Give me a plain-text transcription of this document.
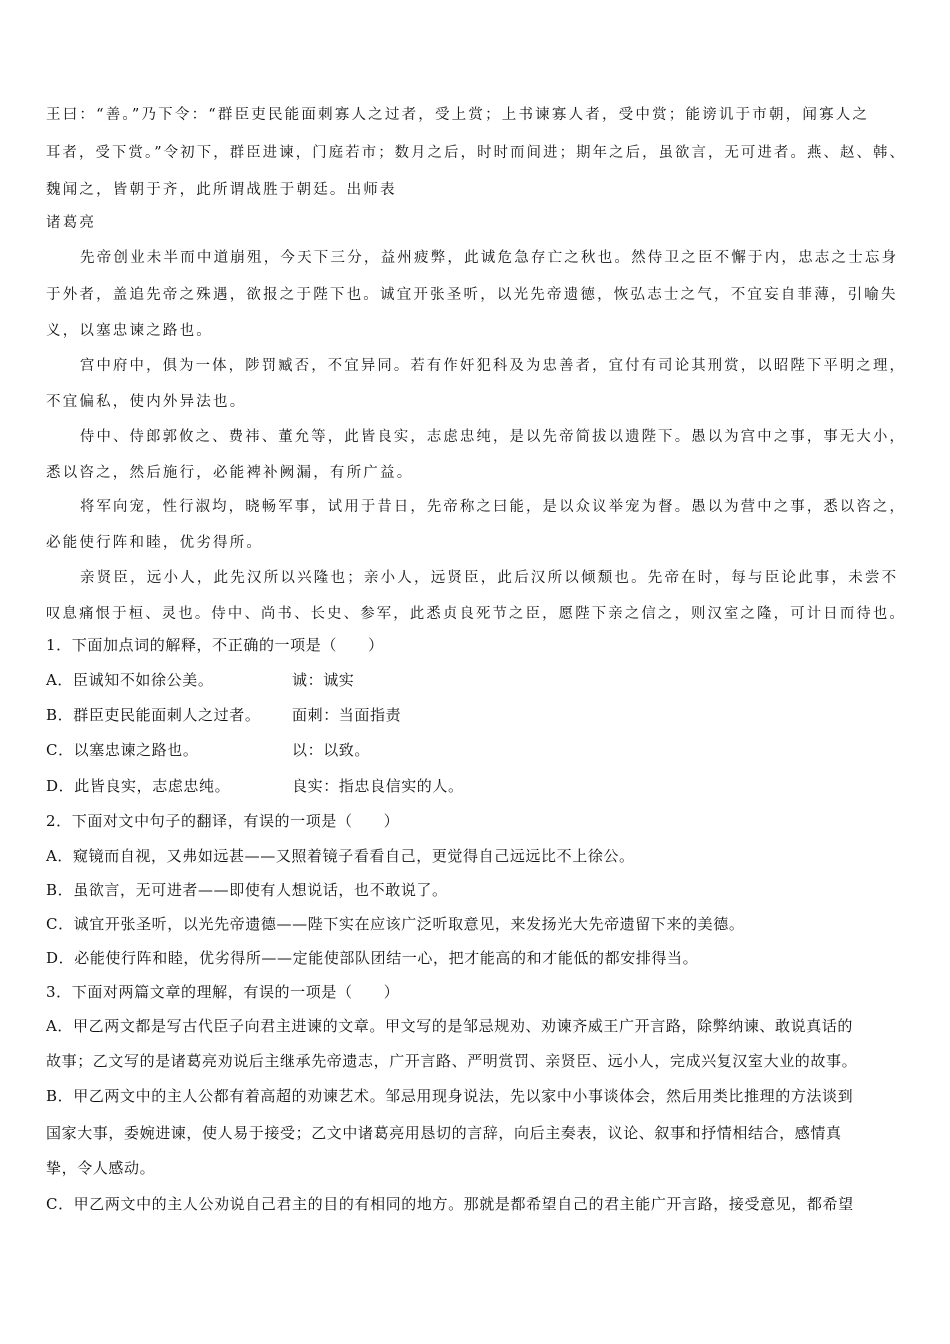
王曰：“善。”乃下令：“群臣吏民能面刺寡人之过者，受上赏；上书谏寡人者，受中赏；能谤讥于市朝，闻寡人之

耳者，受下赏。”令初下，群臣进谏，门庭若市；数月之后，时时而间进；期年之后，虽欲言，无可进者。燕、赵、韩、

魏闻之，皆朝于齐，此所谓战胜于朝廷。出师表

诸葛亮

先帝创业未半而中道崩殂，今天下三分，益州疲弊，此诚危急存亡之秋也。然侍卫之臣不懈于内，忠志之士忘身

于外者，盖追先帝之殊遇，欲报之于陛下也。诚宜开张圣听，以光先帝遗德，恢弘志士之气，不宜妄自菲薄，引喻失

义，以塞忠谏之路也。

宫中府中，俱为一体，陟罚臧否，不宜异同。若有作奸犯科及为忠善者，宜付有司论其刑赏，以昭陛下平明之理，

不宜偏私，使内外异法也。

侍中、侍郎郭攸之、费祎、董允等，此皆良实，志虑忠纯，是以先帝简拔以遗陛下。愚以为宫中之事，事无大小，

悉以咨之，然后施行，必能裨补阙漏，有所广益。

将军向宠，性行淑均，晓畅军事，试用于昔日，先帝称之曰能，是以众议举宠为督。愚以为营中之事，悉以咨之，

必能使行阵和睦，优劣得所。

亲贤臣，远小人，此先汉所以兴隆也；亲小人，远贤臣，此后汉所以倾颓也。先帝在时，每与臣论此事，未尝不

叹息痛恨于桓、灵也。侍中、尚书、长史、参军，此悉贞良死节之臣，愿陛下亲之信之，则汉室之隆，可计日而待也。

1．下面加点词的解释，不正确的一项是（　　）

A．臣诚知不如徐公美。	诚：诚实
B．群臣吏民能面刺人之过者。 面刺：当面指责
C．以塞忠谏之路也。	以：以致。
D．此皆良实，志虑忠纯。	良实：指忠良信实的人。

2．下面对文中句子的翻译，有误的一项是（　　）

A．窥镜而自视，又弗如远甚——又照着镜子看看自己，更觉得自己远远比不上徐公。

B．虽欲言，无可进者——即使有人想说话，也不敢说了。

C．诚宜开张圣听，以光先帝遗德——陛下实在应该广泛听取意见，来发扬光大先帝遗留下来的美德。

D．必能使行阵和睦，优劣得所——定能使部队团结一心，把才能高的和才能低的都安排得当。

3．下面对两篇文章的理解，有误的一项是（　　）

A．甲乙两文都是写古代臣子向君主进谏的文章。甲文写的是邹忌规劝、劝谏齐威王广开言路，除弊纳谏、敢说真话的

故事；乙文写的是诸葛亮劝说后主继承先帝遗志，广开言路、严明赏罚、亲贤臣、远小人，完成兴复汉室大业的故事。

B．甲乙两文中的主人公都有着高超的劝谏艺术。邹忌用现身说法，先以家中小事谈体会，然后用类比推理的方法谈到

国家大事，委婉进谏，使人易于接受；乙文中诸葛亮用恳切的言辞，向后主奏表，议论、叙事和抒情相结合，感情真

挚，令人感动。

C．甲乙两文中的主人公劝说自己君主的目的有相同的地方。那就是都希望自己的君主能广开言路，接受意见，都希望
